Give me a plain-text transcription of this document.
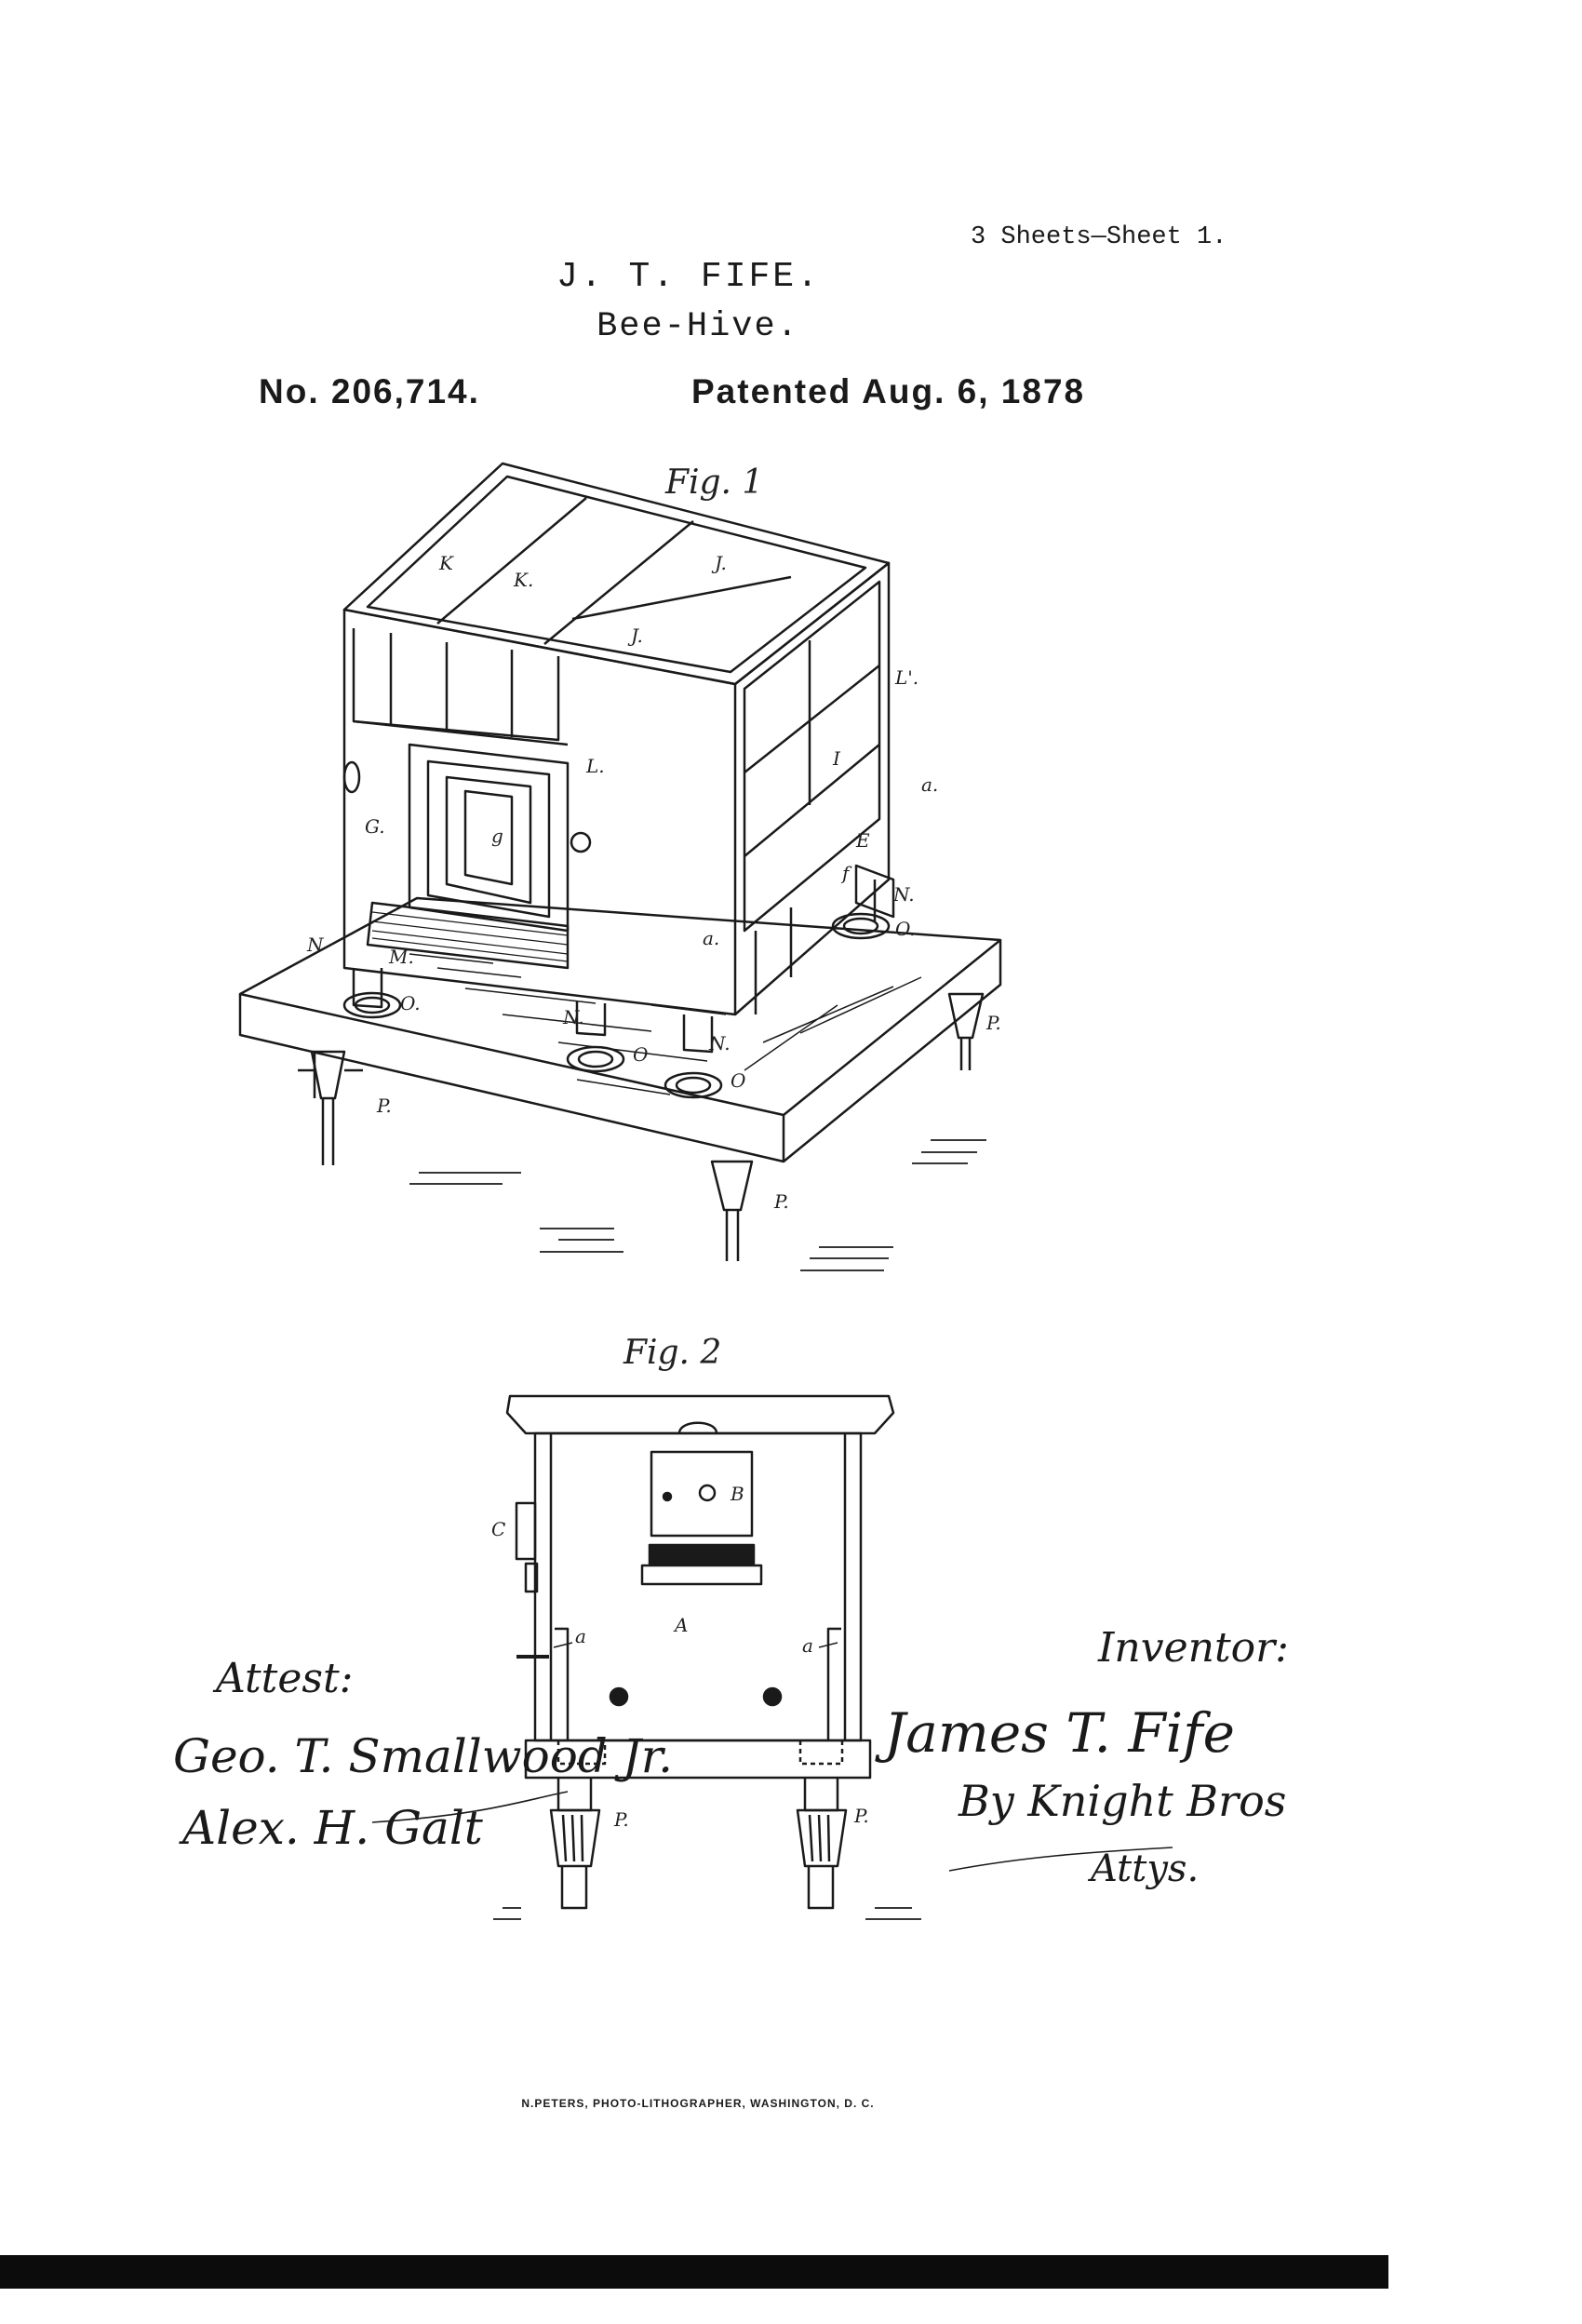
3 Sheets—Sheet 1.

J. T. FIFE.

Bee-Hive.

No. 206,714.	Patented Aug. 6, 1878

Fig. 1
Fig. 2
K
K.
J.
J.
L'.
L.	I
a.
E
f
N.
O.
G.	g
N
M.
a.
O.
N.
N.
O
O
P.
P.
P.
B
C
A
a	a
P.	P.

Attest:

Geo. T. Smallwood Jr.

Alex. H. Galt

Inventor:

James T. Fife

By Knight Bros

Attys.

N.PETERS, PHOTO-LITHOGRAPHER, WASHINGTON, D. C.
